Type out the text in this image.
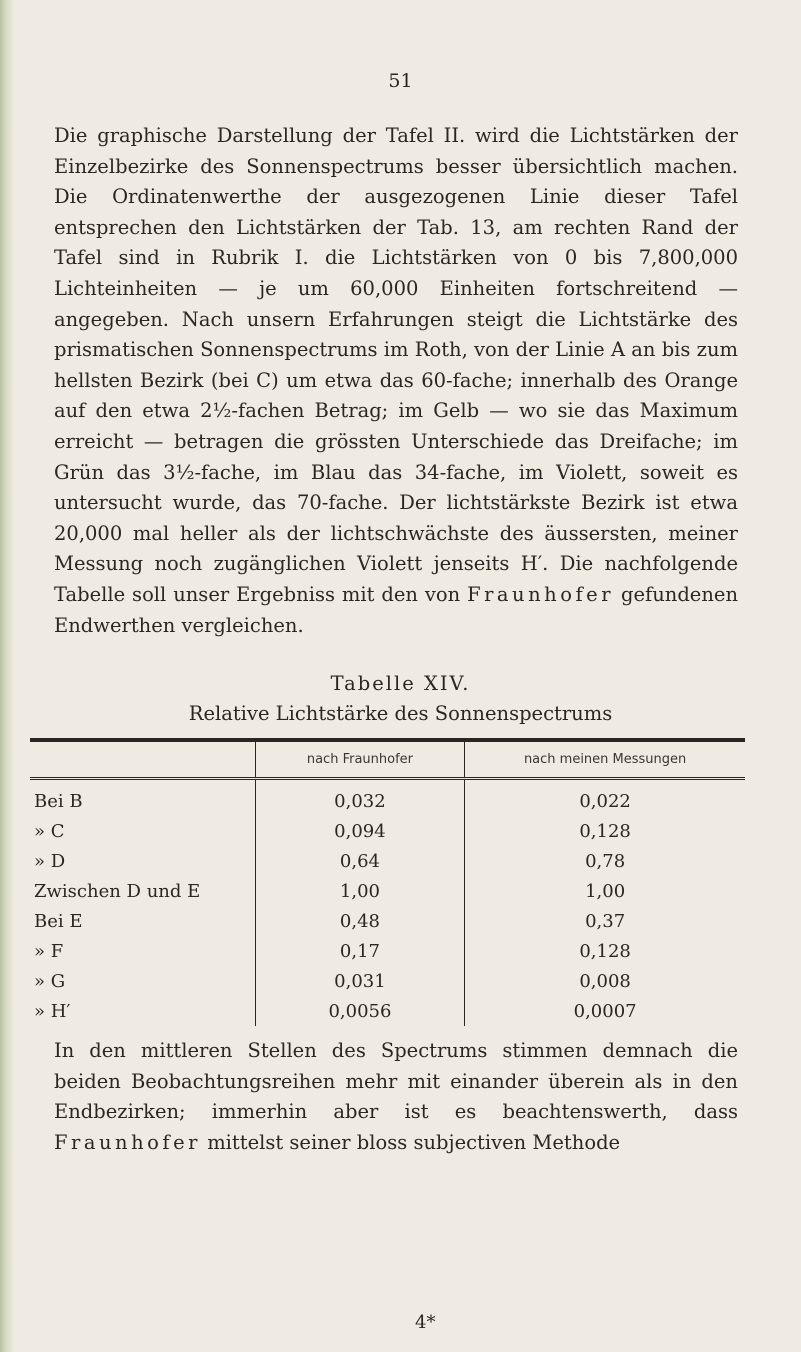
51

Die graphische Darstellung der Tafel II. wird die Lichtstärken der Einzelbezirke des Sonnenspectrums besser übersichtlich machen. Die Ordinatenwerthe der ausgezogenen Linie dieser Tafel entsprechen den Lichtstärken der Tab. 13, am rechten Rand der Tafel sind in Rubrik I. die Lichtstärken von 0 bis 7,800,000 Lichteinheiten — je um 60,000 Einheiten fortschreitend — angegeben. Nach unsern Erfahrungen steigt die Lichtstärke des prismatischen Sonnenspectrums im Roth, von der Linie A an bis zum hellsten Bezirk (bei C) um etwa das 60-fache; innerhalb des Orange auf den etwa 2½-fachen Betrag; im Gelb — wo sie das Maximum erreicht — betragen die grössten Unterschiede das Dreifache; im Grün das 3½-fache, im Blau das 34-fache, im Violett, soweit es untersucht wurde, das 70-fache. Der lichtstärkste Bezirk ist etwa 20,000 mal heller als der lichtschwächste des äussersten, meiner Messung noch zugänglichen Violett jenseits H′. Die nachfolgende Tabelle soll unser Ergebniss mit den von Fraunhofer gefundenen Endwerthen vergleichen.

Tabelle XIV.
Relative Lichtstärke des Sonnenspectrums
	nach Fraunhofer	nach meinen Messungen
Bei B	0,032	0,022
» C	0,094	0,128
» D	0,64	0,78
Zwischen D und E	1,00	1,00
Bei E	0,48	0,37
» F	0,17	0,128
» G	0,031	0,008
» H′	0,0056	0,0007

In den mittleren Stellen des Spectrums stimmen demnach die beiden Beobachtungsreihen mehr mit einander überein als in den Endbezirken; immerhin aber ist es beachtenswerth, dass Fraunhofer mittelst seiner bloss subjectiven Methode

4*
